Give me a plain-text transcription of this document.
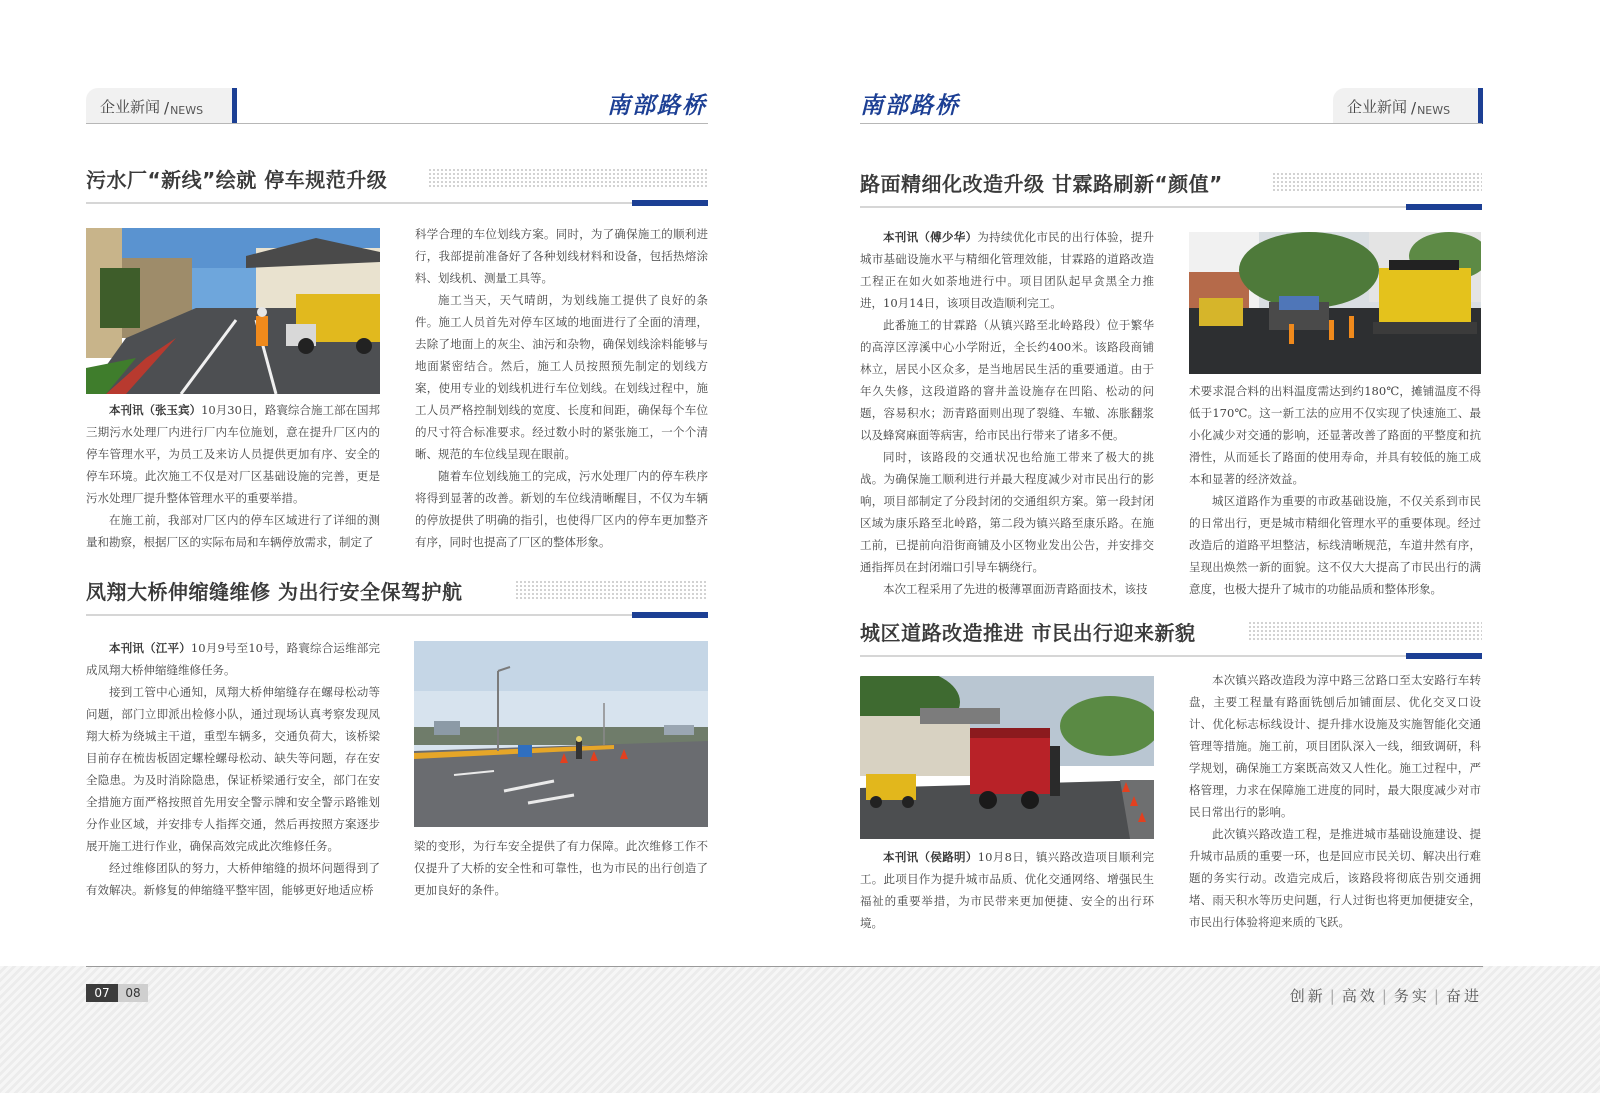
企业新闻 / NEWS	南部路桥	南部路桥	企业新闻 / NEWS
污水厂“新线”绘就 停车规范升级

本刊讯（张玉宾）10月30日，路寰综合施工部在国邦三期污水处理厂内进行厂内车位施划，意在提升厂区内的停车管理水平，为员工及来访人员提供更加有序、安全的停车环境。此次施工不仅是对厂区基础设施的完善，更是污水处理厂提升整体管理水平的重要举措。

在施工前，我部对厂区内的停车区域进行了详细的测量和勘察，根据厂区的实际布局和车辆停放需求，制定了

科学合理的车位划线方案。同时，为了确保施工的顺利进行，我部提前准备好了各种划线材料和设备，包括热熔涂料、划线机、测量工具等。

施工当天，天气晴朗，为划线施工提供了良好的条件。施工人员首先对停车区域的地面进行了全面的清理，去除了地面上的灰尘、油污和杂物，确保划线涂料能够与地面紧密结合。然后，施工人员按照预先制定的划线方案，使用专业的划线机进行车位划线。在划线过程中，施工人员严格控制划线的宽度、长度和间距，确保每个车位的尺寸符合标准要求。经过数小时的紧张施工，一个个清晰、规范的车位线呈现在眼前。

随着车位划线施工的完成，污水处理厂内的停车秩序将得到显著的改善。新划的车位线清晰醒目，不仅为车辆的停放提供了明确的指引，也使得厂区内的停车更加整齐有序，同时也提高了厂区的整体形象。

凤翔大桥伸缩缝维修 为出行安全保驾护航

本刊讯（江平）10月9号至10号，路寰综合运维部完成凤翔大桥伸缩缝维修任务。

接到工管中心通知，凤翔大桥伸缩缝存在螺母松动等问题，部门立即派出检修小队，通过现场认真考察发现凤翔大桥为绕城主干道，重型车辆多，交通负荷大，该桥梁目前存在梳齿板固定螺栓螺母松动、缺失等问题，存在安全隐患。为及时消除隐患，保证桥梁通行安全，部门在安全措施方面严格按照首先用安全警示牌和安全警示路锥划分作业区域，并安排专人指挥交通，然后再按照方案逐步展开施工进行作业，确保高效完成此次维修任务。

经过维修团队的努力，大桥伸缩缝的损坏问题得到了有效解决。新修复的伸缩缝平整牢固，能够更好地适应桥

梁的变形，为行车安全提供了有力保障。此次维修工作不仅提升了大桥的安全性和可靠性，也为市民的出行创造了更加良好的条件。

路面精细化改造升级 甘霖路刷新“颜值”

本刊讯（傅少华）为持续优化市民的出行体验，提升城市基础设施水平与精细化管理效能，甘霖路的道路改造工程正在如火如荼地进行中。项目团队起早贪黑全力推进，10月14日，该项目改造顺利完工。

此番施工的甘霖路（从镇兴路至北岭路段）位于繁华的高淳区淳溪中心小学附近，全长约400米。该路段商铺林立，居民小区众多，是当地居民生活的重要通道。由于年久失修，这段道路的窨井盖设施存在凹陷、松动的问题，容易积水；沥青路面则出现了裂缝、车辙、冻胀翻浆以及蜂窝麻面等病害，给市民出行带来了诸多不便。

同时，该路段的交通状况也给施工带来了极大的挑战。为确保施工顺利进行并最大程度减少对市民出行的影响，项目部制定了分段封闭的交通组织方案。第一段封闭区域为康乐路至北岭路，第二段为镇兴路至康乐路。在施工前，已提前向沿街商铺及小区物业发出公告，并安排交通指挥员在封闭端口引导车辆绕行。

本次工程采用了先进的极薄罩面沥青路面技术，该技

术要求混合料的出料温度需达到约180℃，摊铺温度不得低于170℃。这一新工法的应用不仅实现了快速施工、最小化减少对交通的影响，还显著改善了路面的平整度和抗滑性，从而延长了路面的使用寿命，并具有较低的施工成本和显著的经济效益。

城区道路作为重要的市政基础设施，不仅关系到市民的日常出行，更是城市精细化管理水平的重要体现。经过改造后的道路平坦整洁，标线清晰规范，车道井然有序，呈现出焕然一新的面貌。这不仅大大提高了市民出行的满意度，也极大提升了城市的功能品质和整体形象。

城区道路改造推进 市民出行迎来新貌

本刊讯（侯路明）10月8日，镇兴路改造项目顺利完工。此项目作为提升城市品质、优化交通网络、增强民生福祉的重要举措，为市民带来更加便捷、安全的出行环境。

本次镇兴路改造段为淳中路三岔路口至太安路行车转盘，主要工程量有路面铣刨后加铺面层、优化交叉口设计、优化标志标线设计、提升排水设施及实施智能化交通管理等措施。施工前，项目团队深入一线，细致调研，科学规划，确保施工方案既高效又人性化。施工过程中，严格管理，力求在保障施工进度的同时，最大限度减少对市民日常出行的影响。

此次镇兴路改造工程，是推进城市基础设施建设、提升城市品质的重要一环，也是回应市民关切、解决出行难题的务实行动。改造完成后，该路段将彻底告别交通拥堵、雨天积水等历史问题，行人过街也将更加便捷安全，市民出行体验将迎来质的飞跃。

07	08	创新 | 高效 | 务实 | 奋进
